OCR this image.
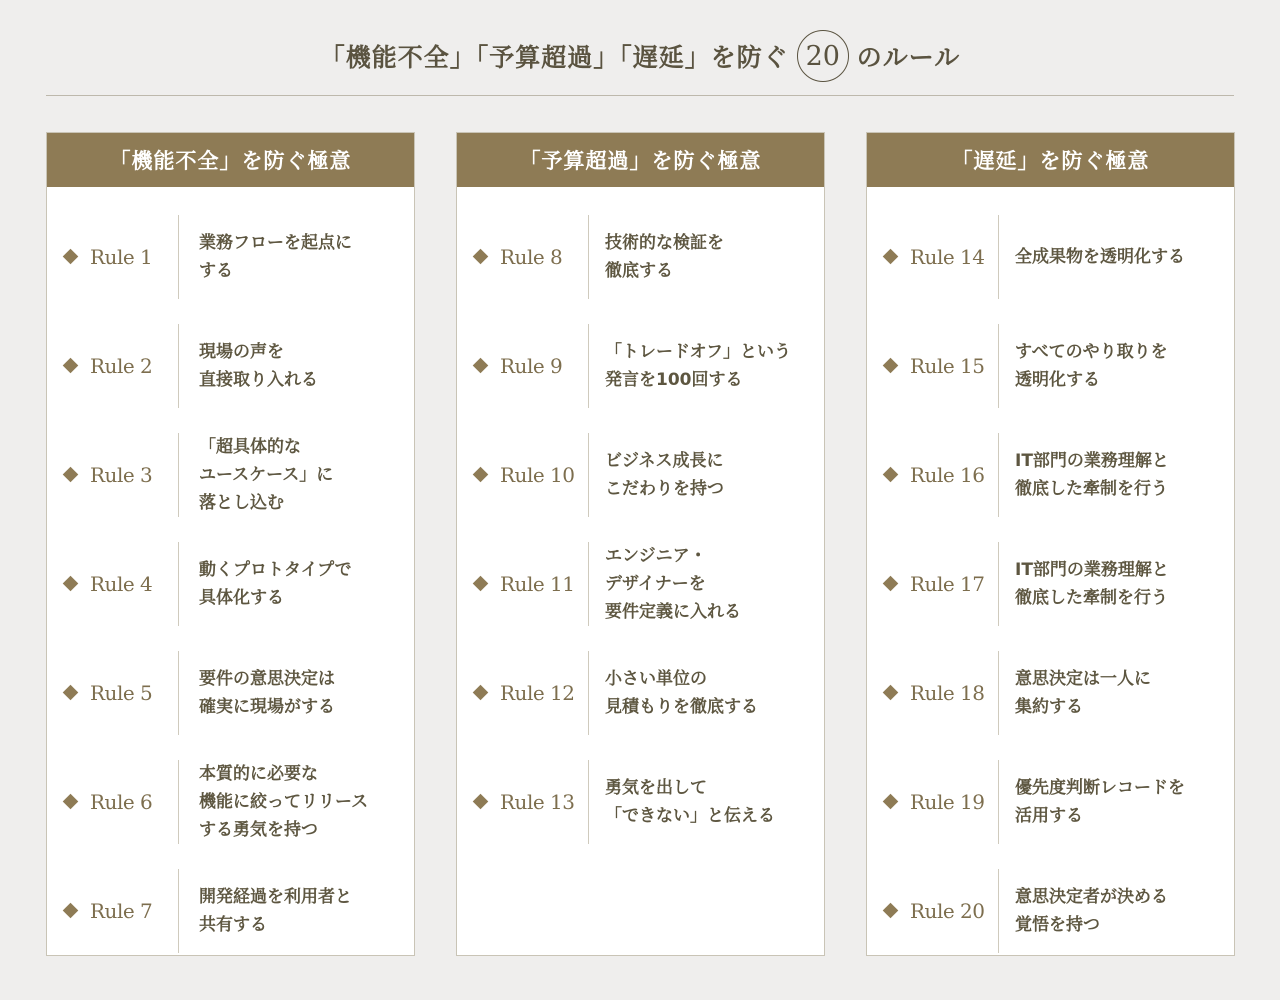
「機能不全」「予算超過」「遅延」を防ぐ 20 のルール
「機能不全」を防ぐ極意
Rule 1
業務フローを起点に
する
Rule 2
現場の声を
直接取り入れる
Rule 3
「超具体的な
ユースケース」に
落とし込む
Rule 4
動くプロトタイプで
具体化する
Rule 5
要件の意思決定は
確実に現場がする
Rule 6
本質的に必要な
機能に絞ってリリース
する勇気を持つ
Rule 7
開発経過を利用者と
共有する
「予算超過」を防ぐ極意
Rule 8
技術的な検証を
徹底する
Rule 9
「トレードオフ」という
発言を100回する
Rule 10
ビジネス成長に
こだわりを持つ
Rule 11
エンジニア・
デザイナーを
要件定義に入れる
Rule 12
小さい単位の
見積もりを徹底する
Rule 13
勇気を出して
「できない」と伝える
「遅延」を防ぐ極意
Rule 14	全成果物を透明化する
Rule 15
すべてのやり取りを
透明化する
Rule 16
IT部門の業務理解と
徹底した牽制を行う
Rule 17
IT部門の業務理解と
徹底した牽制を行う
Rule 18
意思決定は一人に
集約する
Rule 19
優先度判断レコードを
活用する
Rule 20
意思決定者が決める
覚悟を持つ
